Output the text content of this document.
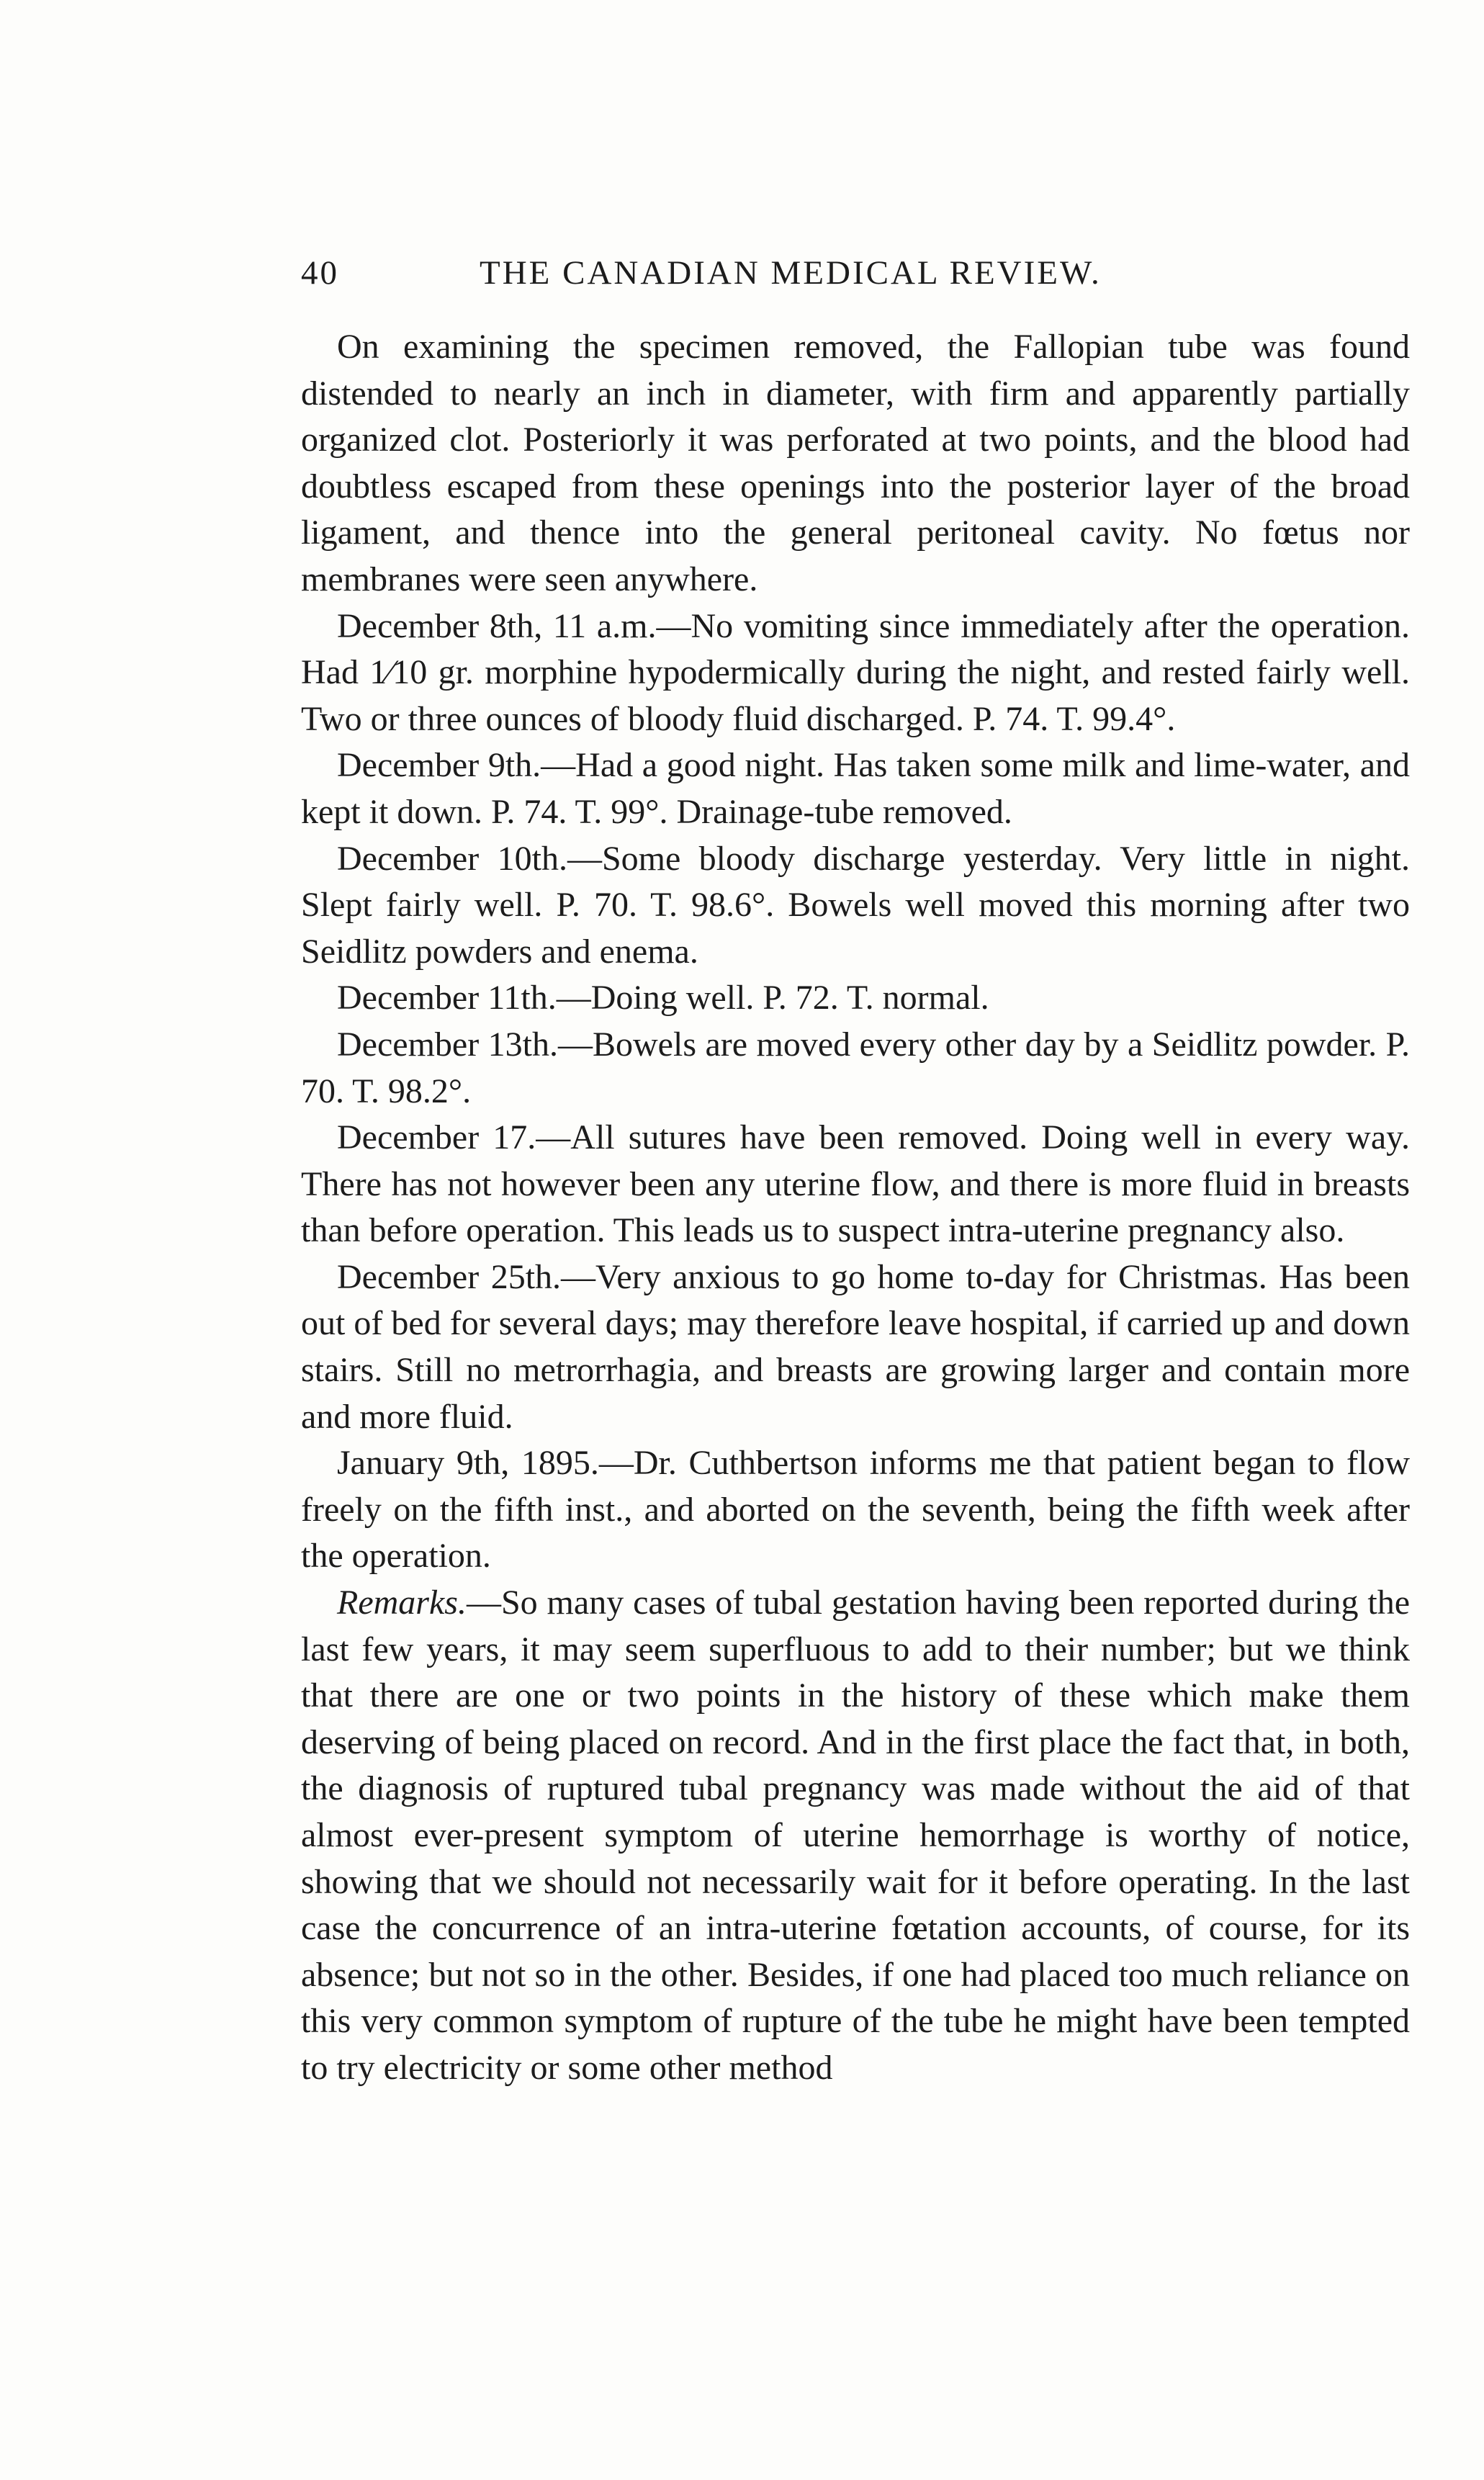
40	THE CANADIAN MEDICAL REVIEW.

On examining the specimen removed, the Fallopian tube was found distended to nearly an inch in diameter, with firm and apparently partially organized clot. Posteriorly it was perforated at two points, and the blood had doubtless escaped from these openings into the posterior layer of the broad ligament, and thence into the general peritoneal cavity. No fœtus nor membranes were seen anywhere.

December 8th, 11 a.m.—No vomiting since immediately after the operation. Had 1⁄10 gr. morphine hypodermically during the night, and rested fairly well. Two or three ounces of bloody fluid discharged. P. 74. T. 99.4°.

December 9th.—Had a good night. Has taken some milk and lime-water, and kept it down. P. 74. T. 99°. Drainage-tube removed.

December 10th.—Some bloody discharge yesterday. Very little in night. Slept fairly well. P. 70. T. 98.6°. Bowels well moved this morning after two Seidlitz powders and enema.

December 11th.—Doing well. P. 72. T. normal.

December 13th.—Bowels are moved every other day by a Seidlitz powder. P. 70. T. 98.2°.

December 17.—All sutures have been removed. Doing well in every way. There has not however been any uterine flow, and there is more fluid in breasts than before operation. This leads us to suspect intra-uterine pregnancy also.

December 25th.—Very anxious to go home to-day for Christmas. Has been out of bed for several days; may therefore leave hospital, if carried up and down stairs. Still no metrorrhagia, and breasts are growing larger and contain more and more fluid.

January 9th, 1895.—Dr. Cuthbertson informs me that patient began to flow freely on the fifth inst., and aborted on the seventh, being the fifth week after the operation.

Remarks.—So many cases of tubal gestation having been reported during the last few years, it may seem superfluous to add to their number; but we think that there are one or two points in the history of these which make them deserving of being placed on record. And in the first place the fact that, in both, the diagnosis of ruptured tubal pregnancy was made without the aid of that almost ever-present symptom of uterine hemorrhage is worthy of notice, showing that we should not necessarily wait for it before operating. In the last case the concurrence of an intra-uterine fœtation accounts, of course, for its absence; but not so in the other. Besides, if one had placed too much reliance on this very common symptom of rupture of the tube he might have been tempted to try electricity or some other method
